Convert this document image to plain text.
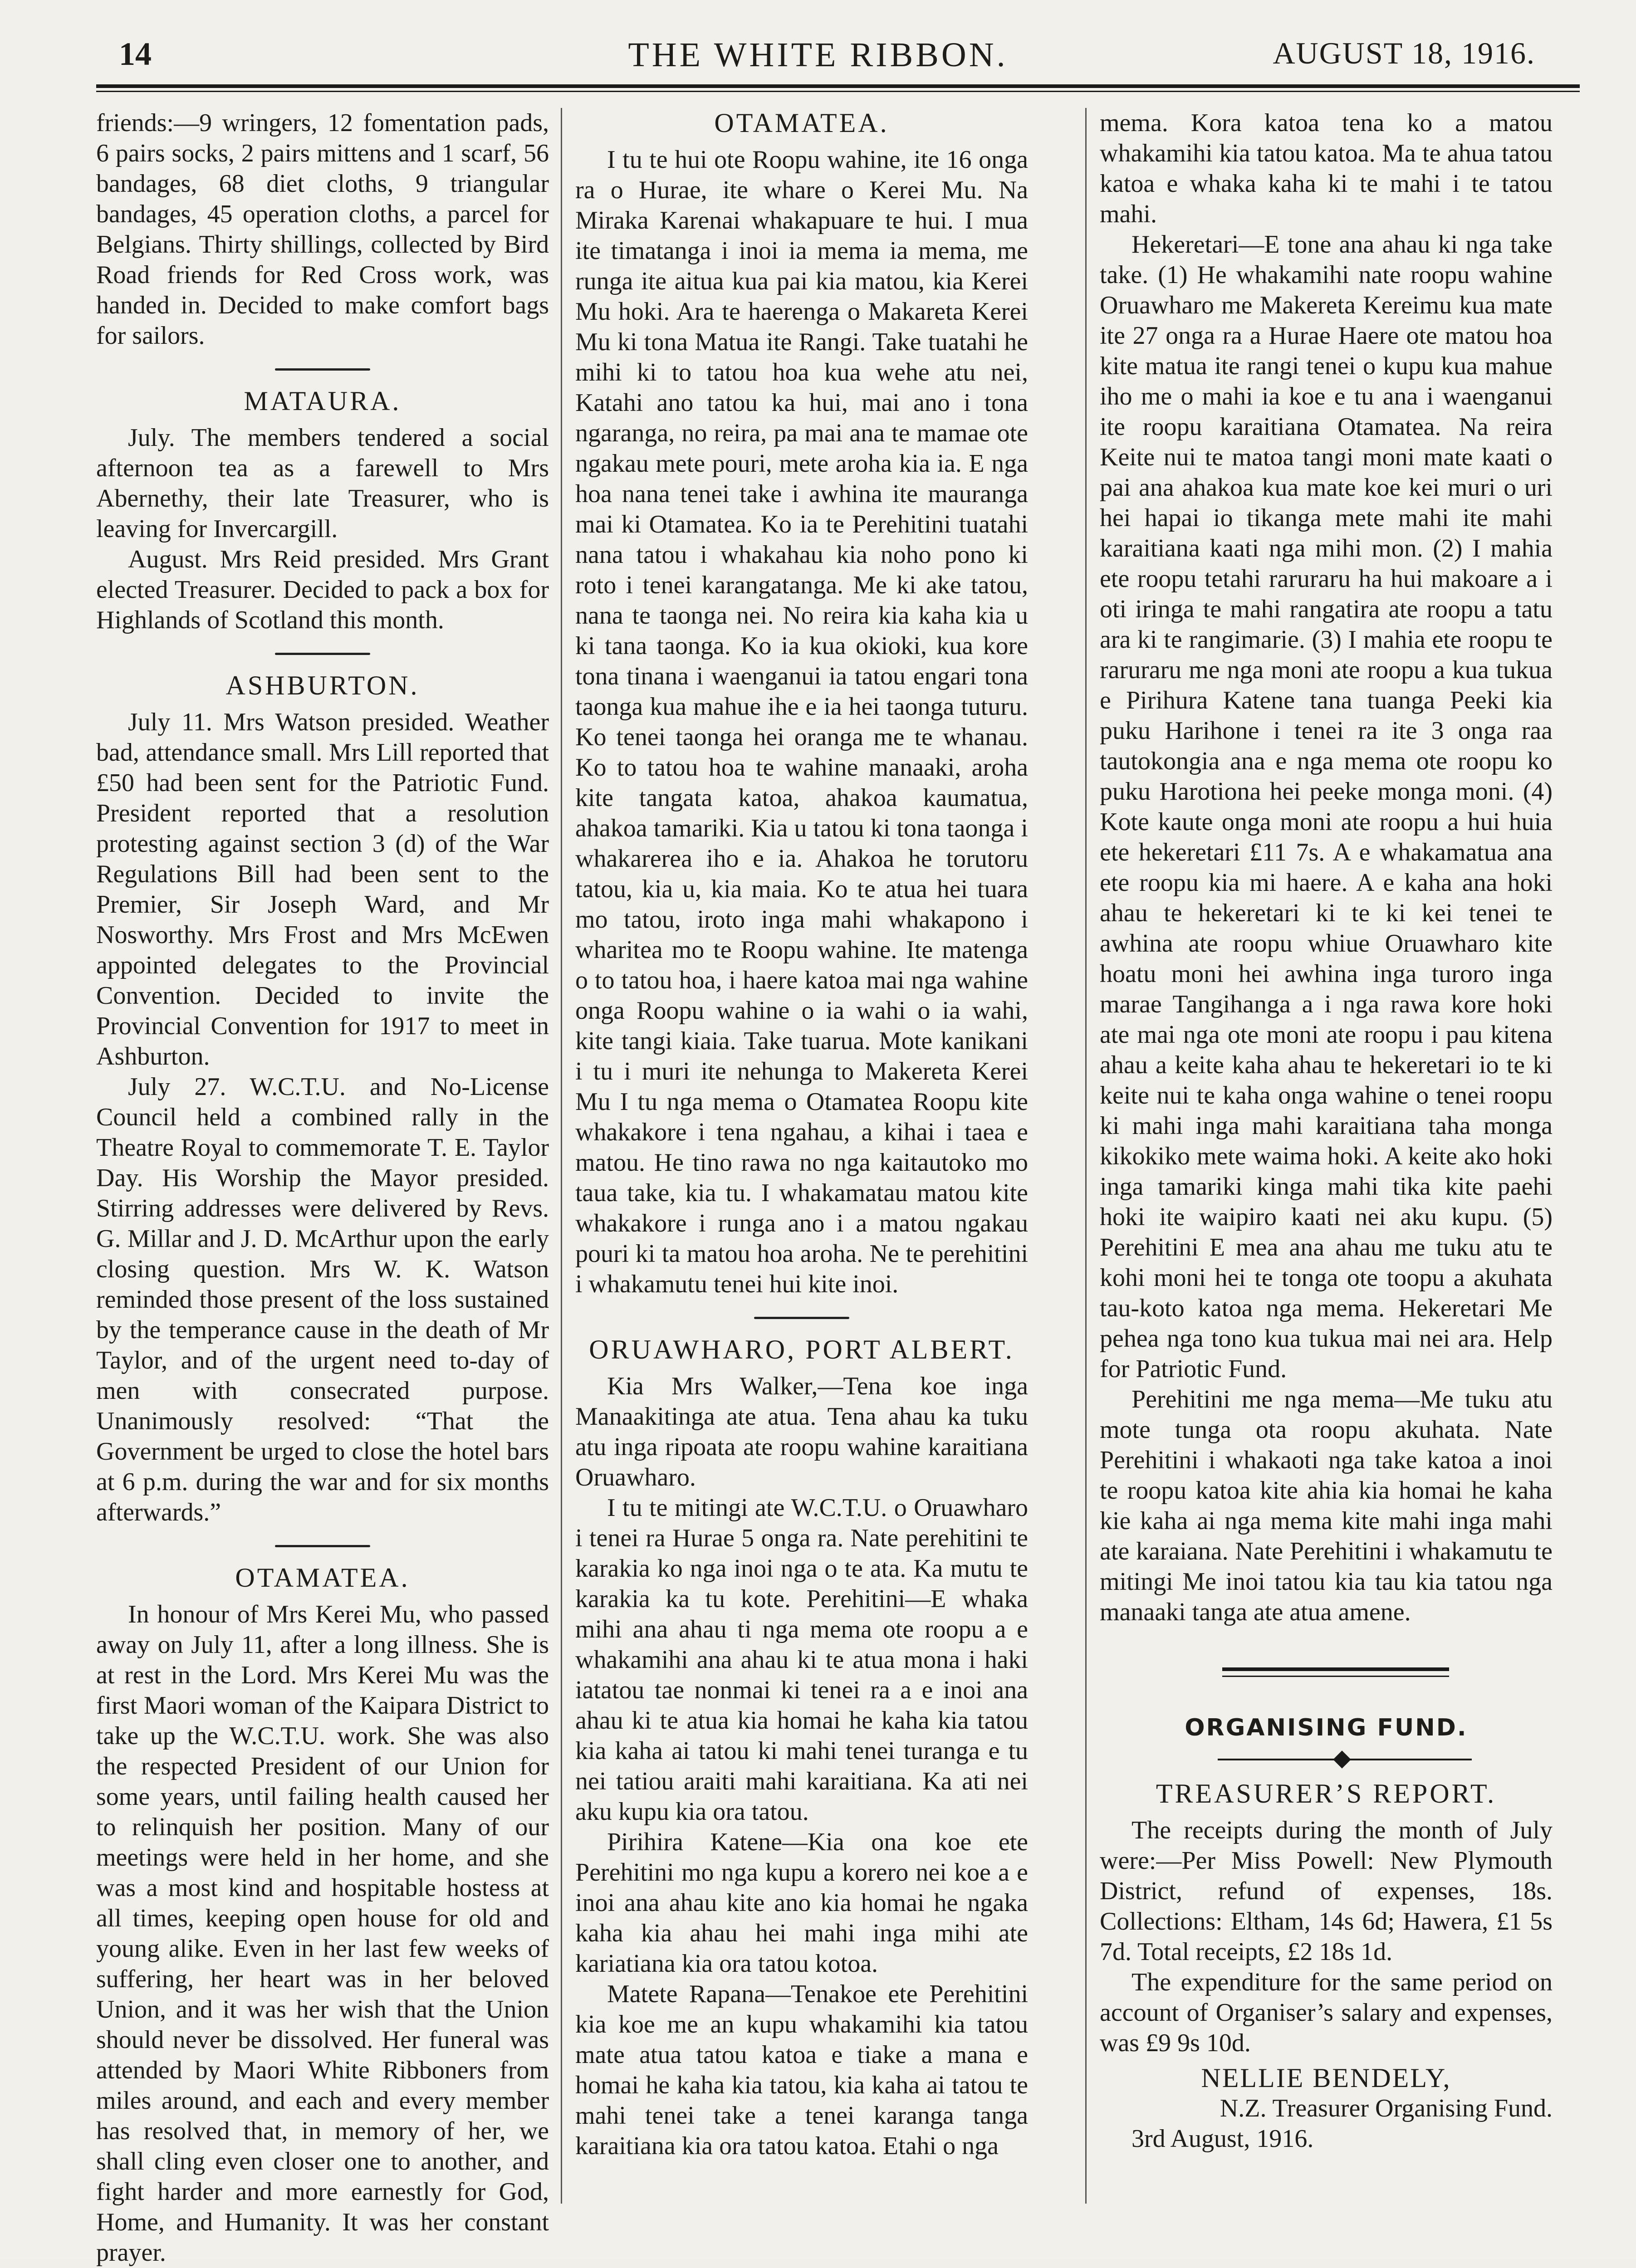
14	THE WHITE RIBBON.	AUGUST 18, 1916.

friends:—9 wringers, 12 fomentation pads, 6 pairs socks, 2 pairs mittens and 1 scarf, 56 bandages, 68 diet cloths, 9 triangular bandages, 45 operation cloths, a parcel for Belgians. Thirty shillings, collected by Bird Road friends for Red Cross work, was handed in. Decided to make comfort bags for sailors.

MATAURA.

July. The members tendered a social afternoon tea as a farewell to Mrs Abernethy, their late Treasurer, who is leaving for Invercargill.

August. Mrs Reid presided. Mrs Grant elected Treasurer. Decided to pack a box for Highlands of Scotland this month.

ASHBURTON.

July 11. Mrs Watson presided. Weather bad, attendance small. Mrs Lill reported that £50 had been sent for the Patriotic Fund. President reported that a resolution protesting against section 3 (d) of the War Regulations Bill had been sent to the Premier, Sir Joseph Ward, and Mr Nosworthy. Mrs Frost and Mrs McEwen appointed delegates to the Provincial Convention. Decided to invite the Provincial Convention for 1917 to meet in Ashburton.

July 27. W.C.T.U. and No-License Council held a combined rally in the Theatre Royal to commemorate T. E. Taylor Day. His Worship the Mayor presided. Stirring addresses were delivered by Revs. G. Millar and J. D. McArthur upon the early closing question. Mrs W. K. Watson reminded those present of the loss sustained by the temperance cause in the death of Mr Taylor, and of the urgent need to-day of men with consecrated purpose. Unanimously resolved: “That the Government be urged to close the hotel bars at 6 p.m. during the war and for six months afterwards.”

OTAMATEA.

In honour of Mrs Kerei Mu, who passed away on July 11, after a long illness. She is at rest in the Lord. Mrs Kerei Mu was the first Maori woman of the Kaipara District to take up the W.C.T.U. work. She was also the respected President of our Union for some years, until failing health caused her to relinquish her position. Many of our meetings were held in her home, and she was a most kind and hospitable hostess at all times, keeping open house for old and young alike. Even in her last few weeks of suffering, her heart was in her beloved Union, and it was her wish that the Union should never be dissolved. Her funeral was attended by Maori White Ribboners from miles around, and each and every member has resolved that, in memory of her, we shall cling even closer one to another, and fight harder and more earnestly for God, Home, and Humanity. It was her constant prayer.

OTAMATEA.

I tu te hui ote Roopu wahine, ite 16 onga ra o Hurae, ite whare o Kerei Mu. Na Miraka Karenai whakapuare te hui. I mua ite timatanga i inoi ia mema ia mema, me runga ite aitua kua pai kia matou, kia Kerei Mu hoki. Ara te haerenga o Makareta Kerei Mu ki tona Matua ite Rangi. Take tuatahi he mihi ki to tatou hoa kua wehe atu nei, Katahi ano tatou ka hui, mai ano i tona ngaranga, no reira, pa mai ana te mamae ote ngakau mete pouri, mete aroha kia ia. E nga hoa nana tenei take i awhina ite mauranga mai ki Otamatea. Ko ia te Perehitini tuatahi nana tatou i whakahau kia noho pono ki roto i tenei karangatanga. Me ki ake tatou, nana te taonga nei. No reira kia kaha kia u ki tana taonga. Ko ia kua okioki, kua kore tona tinana i waenganui ia tatou engari tona taonga kua mahue ihe e ia hei taonga tuturu. Ko tenei taonga hei oranga me te whanau. Ko to tatou hoa te wahine manaaki, aroha kite tangata katoa, ahakoa kaumatua, ahakoa tamariki. Kia u tatou ki tona taonga i whakarerea iho e ia. Ahakoa he torutoru tatou, kia u, kia maia. Ko te atua hei tuara mo tatou, iroto inga mahi whakapono i wharitea mo te Roopu wahine. Ite matenga o to tatou hoa, i haere katoa mai nga wahine onga Roopu wahine o ia wahi o ia wahi, kite tangi kiaia. Take tuarua. Mote kanikani i tu i muri ite nehunga to Makereta Kerei Mu I tu nga mema o Otamatea Roopu kite whakakore i tena ngahau, a kihai i taea e matou. He tino rawa no nga kaitautoko mo taua take, kia tu. I whakamatau matou kite whakakore i runga ano i a matou ngakau pouri ki ta matou hoa aroha. Ne te perehitini i whakamutu tenei hui kite inoi.

ORUAWHARO, PORT ALBERT.

Kia Mrs Walker,—Tena koe inga Manaakitinga ate atua. Tena ahau ka tuku atu inga ripoata ate roopu wahine karaitiana Oruawharo.

I tu te mitingi ate W.C.T.U. o Oruawharo i tenei ra Hurae 5 onga ra. Nate perehitini te karakia ko nga inoi nga o te ata. Ka mutu te karakia ka tu kote. Perehitini—E whaka mihi ana ahau ti nga mema ote roopu a e whakamihi ana ahau ki te atua mona i haki iatatou tae nonmai ki tenei ra a e inoi ana ahau ki te atua kia homai he kaha kia tatou kia kaha ai tatou ki mahi tenei turanga e tu nei tatiou araiti mahi karaitiana. Ka ati nei aku kupu kia ora tatou.

Pirihira Katene—Kia ona koe ete Perehitini mo nga kupu a korero nei koe a e inoi ana ahau kite ano kia homai he ngaka kaha kia ahau hei mahi inga mihi ate kariatiana kia ora tatou kotoa.

Matete Rapana—Tenakoe ete Perehitini kia koe me an kupu whakamihi kia tatou mate atua tatou katoa e tiake a mana e homai he kaha kia tatou, kia kaha ai tatou te mahi tenei take a tenei karanga tanga karaitiana kia ora tatou katoa. Etahi o nga

mema. Kora katoa tena ko a matou whakamihi kia tatou katoa. Ma te ahua tatou katoa e whaka kaha ki te mahi i te tatou mahi.

Hekeretari—E tone ana ahau ki nga take take. (1) He whakamihi nate roopu wahine Oruawharo me Makereta Kereimu kua mate ite 27 onga ra a Hurae Haere ote matou hoa kite matua ite rangi tenei o kupu kua mahue iho me o mahi ia koe e tu ana i waenganui ite roopu karaitiana Otamatea. Na reira Keite nui te matoa tangi moni mate kaati o pai ana ahakoa kua mate koe kei muri o uri hei hapai io tikanga mete mahi ite mahi karaitiana kaati nga mihi mon. (2) I mahia ete roopu tetahi raruraru ha hui makoare a i oti iringa te mahi rangatira ate roopu a tatu ara ki te rangimarie. (3) I mahia ete roopu te raruraru me nga moni ate roopu a kua tukua e Pirihura Katene tana tuanga Peeki kia puku Harihone i tenei ra ite 3 onga raa tautokongia ana e nga mema ote roopu ko puku Harotiona hei peeke monga moni. (4) Kote kaute onga moni ate roopu a hui huia ete hekeretari £11 7s. A e whakamatua ana ete roopu kia mi haere. A e kaha ana hoki ahau te hekeretari ki te ki kei tenei te awhina ate roopu whiue Oruawharo kite hoatu moni hei awhina inga turoro inga marae Tangihanga a i nga rawa kore hoki ate mai nga ote moni ate roopu i pau kitena ahau a keite kaha ahau te hekeretari io te ki keite nui te kaha onga wahine o tenei roopu ki mahi inga mahi karaitiana taha monga kikokiko mete waima hoki. A keite ako hoki inga tamariki kinga mahi tika kite paehi hoki ite waipiro kaati nei aku kupu. (5) Perehitini E mea ana ahau me tuku atu te kohi moni hei te tonga ote toopu a akuhata tau-koto katoa nga mema. Hekeretari Me pehea nga tono kua tukua mai nei ara. Help for Patriotic Fund.

Perehitini me nga mema—Me tuku atu mote tunga ota roopu akuhata. Nate Perehitini i whakaoti nga take katoa a inoi te roopu katoa kite ahia kia homai he kaha kie kaha ai nga mema kite mahi inga mahi ate karaiana. Nate Perehitini i whakamutu te mitingi Me inoi tatou kia tau kia tatou nga manaaki tanga ate atua amene.

ORGANISING FUND.
TREASURER’S REPORT.

The receipts during the month of July were:—Per Miss Powell: New Plymouth District, refund of expenses, 18s. Collections: Eltham, 14s 6d; Hawera, £1 5s 7d. Total receipts, £2 18s 1d.

The expenditure for the same period on account of Organiser’s salary and expenses, was £9 9s 10d.

NELLIE BENDELY,

N.Z. Treasurer Organising Fund.

3rd August, 1916.
